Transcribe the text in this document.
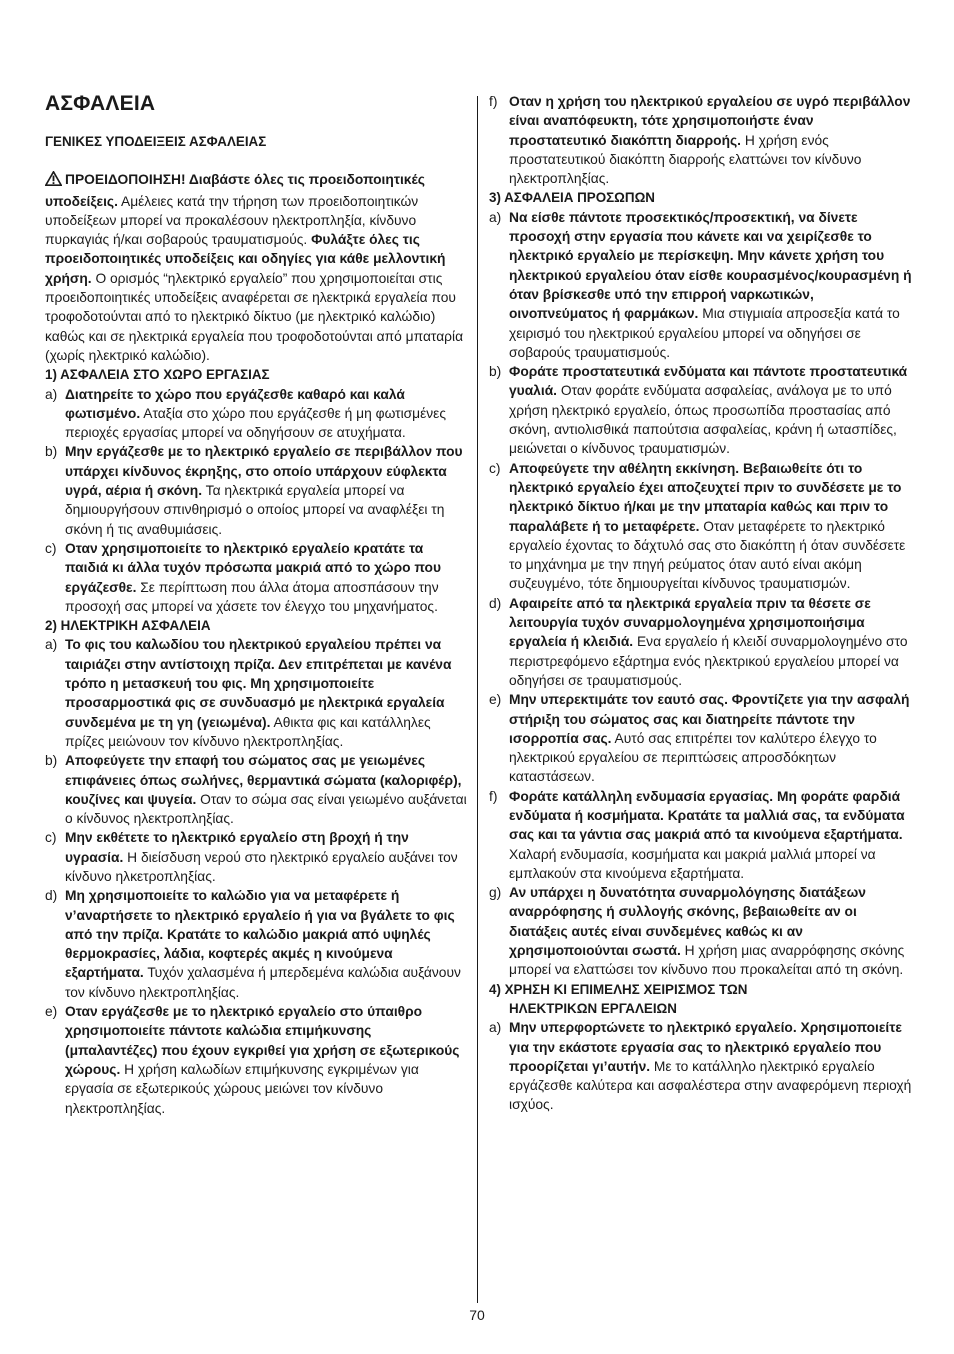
ΑΣΦΑΛΕΙΑ

ΓΕΝΙΚΕΣ ΥΠΟΔΕΙΞΕΙΣ ΑΣΦΑΛΕΙΑΣ

ΠΡΟΕΙΔΟΠΟΙΗΣΗ! Διαβάστε όλες τις προειδοποιητικές υποδείξεις. Αμέλειες κατά την τήρηση των προειδοποιητικών υποδείξεων μπορεί να προκαλέσουν ηλεκτροπληξία, κίνδυνο πυρκαγιάς ή/και σοβαρούς τραυματισμούς. Φυλάξτε όλες τις προειδοποιητικές υποδείξεις και οδηγίες για κάθε μελλοντική χρήση. Ο ορισμός “ηλεκτρικό εργαλείο” που χρησιμοποιείται στις προειδοποιητικές υποδείξεις αναφέρεται σε ηλεκτρικά εργαλεία που τροφοδοτούνται από το ηλεκτρικό δίκτυο (με ηλεκτρικό καλώδιο) καθώς και σε ηλεκτρικά εργαλεία που τροφοδοτούνται από μπαταρία (χωρίς ηλεκτρικό καλώδιο).

1) ΑΣΦΑΛΕΙΑ ΣΤΟ ΧΩΡΟ ΕΡΓΑΣΙΑΣ

a) Διατηρείτε το χώρο που εργάζεσθε καθαρό και καλά φωτισμένο. Αταξία στο χώρο που εργάζεσθε ή μη φωτισμένες περιοχές εργασίας μπορεί να οδηγήσουν σε ατυχήματα.

b) Μην εργάζεσθε με το ηλεκτρικό εργαλείο σε περιβάλλον που υπάρχει κίνδυνος έκρηξης, στο οποίο υπάρχουν εύφλεκτα υγρά, αέρια ή σκόνη. Τα ηλεκτρικά εργαλεία μπορεί να δημιουργήσουν σπινθηρισμό ο οποίος μπορεί να αναφλέξει τη σκόνη ή τις αναθυμιάσεις.

c) Οταν χρησιμοποιείτε το ηλεκτρικό εργαλείο κρατάτε τα παιδιά κι άλλα τυχόν πρόσωπα μακριά από το χώρο που εργάζεσθε. Σε περίπτωση που άλλα άτομα αποσπάσουν την προσοχή σας μπορεί να χάσετε τον έλεγχο του μηχανήματος.

2) ΗΛΕΚΤΡΙΚΗ ΑΣΦΑΛΕΙΑ

a) Το φις του καλωδίου του ηλεκτρικού εργαλείου πρέπει να ταιριάζει στην αντίστοιχη πρίζα. Δεν επιτρέπεται με κανένα τρόπο η μετασκευή του φις. Μη χρησιμοποιείτε προσαρμοστικά φις σε συνδυασμό με ηλεκτρικά εργαλεία συνδεμένα με τη γη (γειωμένα). Αθικτα φις και κατάλληλες πρίζες μειώνουν τον κίνδυνο ηλεκτροπληξίας.

b) Αποφεύγετε την επαφή του σώματος σας με γειωμένες επιφάνειες όπως σωλήνες, θερμαντικά σώματα (καλοριφέρ), κουζίνες και ψυγεία. Οταν το σώμα σας είναι γειωμένο αυξάνεται ο κίνδυνος ηλεκτροπληξίας.

c) Μην εκθέτετε το ηλεκτρικό εργαλείο στη βροχή ή την υγρασία. Η διείσδυση νερού στο ηλεκτρικό εργαλείο αυξάνει τον κίνδυνο ηλκετροπληξίας.

d) Μη χρησιμοποιείτε το καλώδιο για να μεταφέρετε ή ν’αναρτήσετε το ηλεκτρικό εργαλείο ή για να βγάλετε το φις από την πρίζα. Κρατάτε το καλώδιο μακριά από υψηλές θερμοκρασίες, λάδια, κοφτερές ακμές η κινούμενα εξαρτήματα. Τυχόν χαλασμένα ή μπερδεμένα καλώδια αυξάνουν τον κίνδυνο ηλεκτροπληξίας.

e) Οταν εργάζεσθε με το ηλεκτρικό εργαλείο στο ύπαιθρο χρησιμοποιείτε πάντοτε καλώδια επιμήκυνσης (μπαλαντέζες) που έχουν εγκριθεί για χρήση σε εξωτερικούς χώρους. Η χρήση καλωδίων επιμήκυνσης εγκριμένων για εργασία σε εξωτερικούς χώρους μειώνει τον κίνδυνο ηλεκτροπληξίας.

f) Οταν η χρήση του ηλεκτρικού εργαλείου σε υγρό περιβάλλον είναι αναπόφευκτη, τότε χρησιμοποιήστε έναν προστατευτικό διακόπτη διαρροής. Η χρήση ενός προστατευτικού διακόπτη διαρροής ελαττώνει τον κίνδυνο ηλεκτροπληξίας.

3) ΑΣΦΑΛΕΙΑ ΠΡΟΣΩΠΩΝ

a) Να είσθε πάντοτε προσεκτικός/προσεκτική, να δίνετε προσοχή στην εργασία που κάνετε και να χειρίζεσθε το ηλεκτρικό εργαλείο με περίσκεψη. Μην κάνετε χρήση του ηλεκτρικού εργαλείου όταν είσθε κουρασμένος/κουρασμένη ή όταν βρίσκεσθε υπό την επιρροή ναρκωτικών, οινοπνεύματος ή φαρμάκων. Μια στιγμιαία απροσεξία κατά το χειρισμό του ηλεκτρικού εργαλείου μπορεί να οδηγήσει σε σοβαρούς τραυματισμούς.

b) Φοράτε προστατευτικά ενδύματα και πάντοτε προστατευτικά γυαλιά. Οταν φοράτε ενδύματα ασφαλείας, ανάλογα με το υπό χρήση ηλεκτρικό εργαλείο, όπως προσωπίδα προστασίας από σκόνη, αντιολισθικά παπούτσια ασφαλείας, κράνη ή ωτασπίδες, μειώνεται ο κίνδυνος τραυματισμών.

c) Αποφεύγετε την αθέλητη εκκίνηση. Βεβαιωθείτε ότι το ηλεκτρικό εργαλείο έχει αποζευχτεί πριν το συνδέσετε με το ηλεκτρικό δίκτυο ή/και με την μπαταρία καθώς και πριν το παραλάβετε ή το μεταφέρετε. Οταν μεταφέρετε το ηλεκτρικό εργαλείο έχοντας το δάχτυλό σας στο διακόπτη ή όταν συνδέσετε το μηχάνημα με την πηγή ρεύματος όταν αυτό είναι ακόμη συζευγμένο, τότε δημιουργείται κίνδυνος τραυματισμών.

d) Αφαιρείτε από τα ηλεκτρικά εργαλεία πριν τα θέσετε σε λειτουργία τυχόν συναρμολογημένα χρησιμοποιήσιμα εργαλεία ή κλειδιά. Ενα εργαλείο ή κλειδί συναρμολογημένο στο περιστρεφόμενο εξάρτημα ενός ηλεκτρικού εργαλείου μπορεί να οδηγήσει σε τραυματισμούς.

e) Μην υπερεκτιμάτε τον εαυτό σας. Φροντίζετε για την ασφαλή στήριξη του σώματος σας και διατηρείτε πάντοτε την ισορροπία σας. Αυτό σας επιτρέπει τον καλύτερο έλεγχο το ηλεκτρικού εργαλείου σε περιπτώσεις απροσδόκητων καταστάσεων.

f) Φοράτε κατάλληλη ενδυμασία εργασίας. Μη φοράτε φαρδιά ενδύματα ή κοσμήματα. Κρατάτε τα μαλλιά σας, τα ενδύματα σας και τα γάντια σας μακριά από τα κινούμενα εξαρτήματα. Χαλαρή ενδυμασία, κοσμήματα και μακριά μαλλιά μπορεί να εμπλακούν στα κινούμενα εξαρτήματα.

g) Αν υπάρχει η δυνατότητα συναρμολόγησης διατάξεων αναρρόφησης ή συλλογής σκόνης, βεβαιωθείτε αν οι διατάξεις αυτές είναι συνδεμένες καθώς κι αν χρησιμοποιούνται σωστά. Η χρήση μιας αναρρόφησης σκόνης μπορεί να ελαττώσει τον κίνδυνο που προκαλείται από τη σκόνη.

4) ΧΡΗΣΗ ΚΙ ΕΠΙΜΕΛΗΣ ΧΕΙΡΙΣΜΟΣ ΤΩΝ
ΗΛΕΚΤΡΙΚΩΝ ΕΡΓΑΛΕΙΩΝ

a) Μην υπερφορτώνετε το ηλεκτρικό εργαλείο. Χρησιμοποιείτε για την εκάστοτε εργασία σας το ηλεκτρικό εργαλείο που προορίζεται γι’αυτήν. Με το κατάλληλο ηλεκτρικό εργαλείο εργάζεσθε καλύτερα και ασφαλέστερα στην αναφερόμενη περιοχή ισχύος.

70
